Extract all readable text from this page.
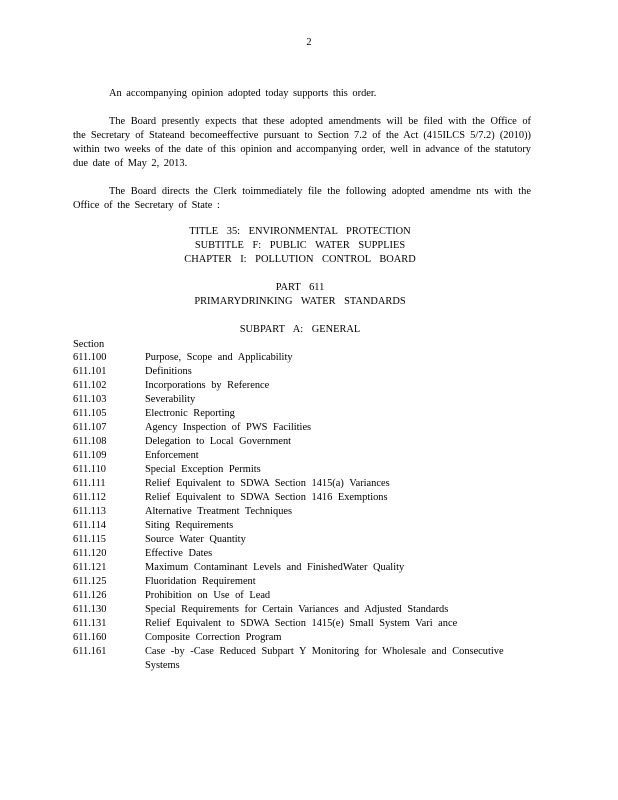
2
An accompanying opinion adopted today supports this order.
The Board presently expects that these adopted amendments will be filed with the Office of the Secretary of Stateand becomeeffective pursuant to Section 7.2 of the Act (415ILCS 5/7.2) (2010)) within two weeks of the date of this opinion and accompanying order, well in advance of the statutory due date of May 2, 2013.
The Board directs the Clerk toimmediately file the following adopted amendme nts with the Office of the Secretary of State :
TITLE 35: ENVIRONMENTAL PROTECTION
SUBTITLE F: PUBLIC WATER SUPPLIES
CHAPTER I: POLLUTION CONTROL BOARD
PART 611
PRIMARYDRINKING WATER STANDARDS
SUBPART A: GENERAL
Section
611.100	Purpose, Scope and Applicability
611.101	Definitions
611.102	Incorporations by Reference
611.103	Severability
611.105	Electronic Reporting
611.107	Agency Inspection of PWS Facilities
611.108	Delegation to Local Government
611.109	Enforcement
611.110	Special Exception Permits
611.111	Relief Equivalent to SDWA Section 1415(a) Variances
611.112	Relief Equivalent to SDWA Section 1416 Exemptions
611.113	Alternative Treatment Techniques
611.114	Siting Requirements
611.115	Source Water Quantity
611.120	Effective Dates
611.121	Maximum Contaminant Levels and FinishedWater Quality
611.125	Fluoridation Requirement
611.126	Prohibition on Use of Lead
611.130	Special Requirements for Certain Variances and Adjusted Standards
611.131	Relief Equivalent to SDWA Section 1415(e) Small System Vari ance
611.160	Composite Correction Program
611.161	Case -by -Case Reduced Subpart Y Monitoring for Wholesale and Consecutive Systems
